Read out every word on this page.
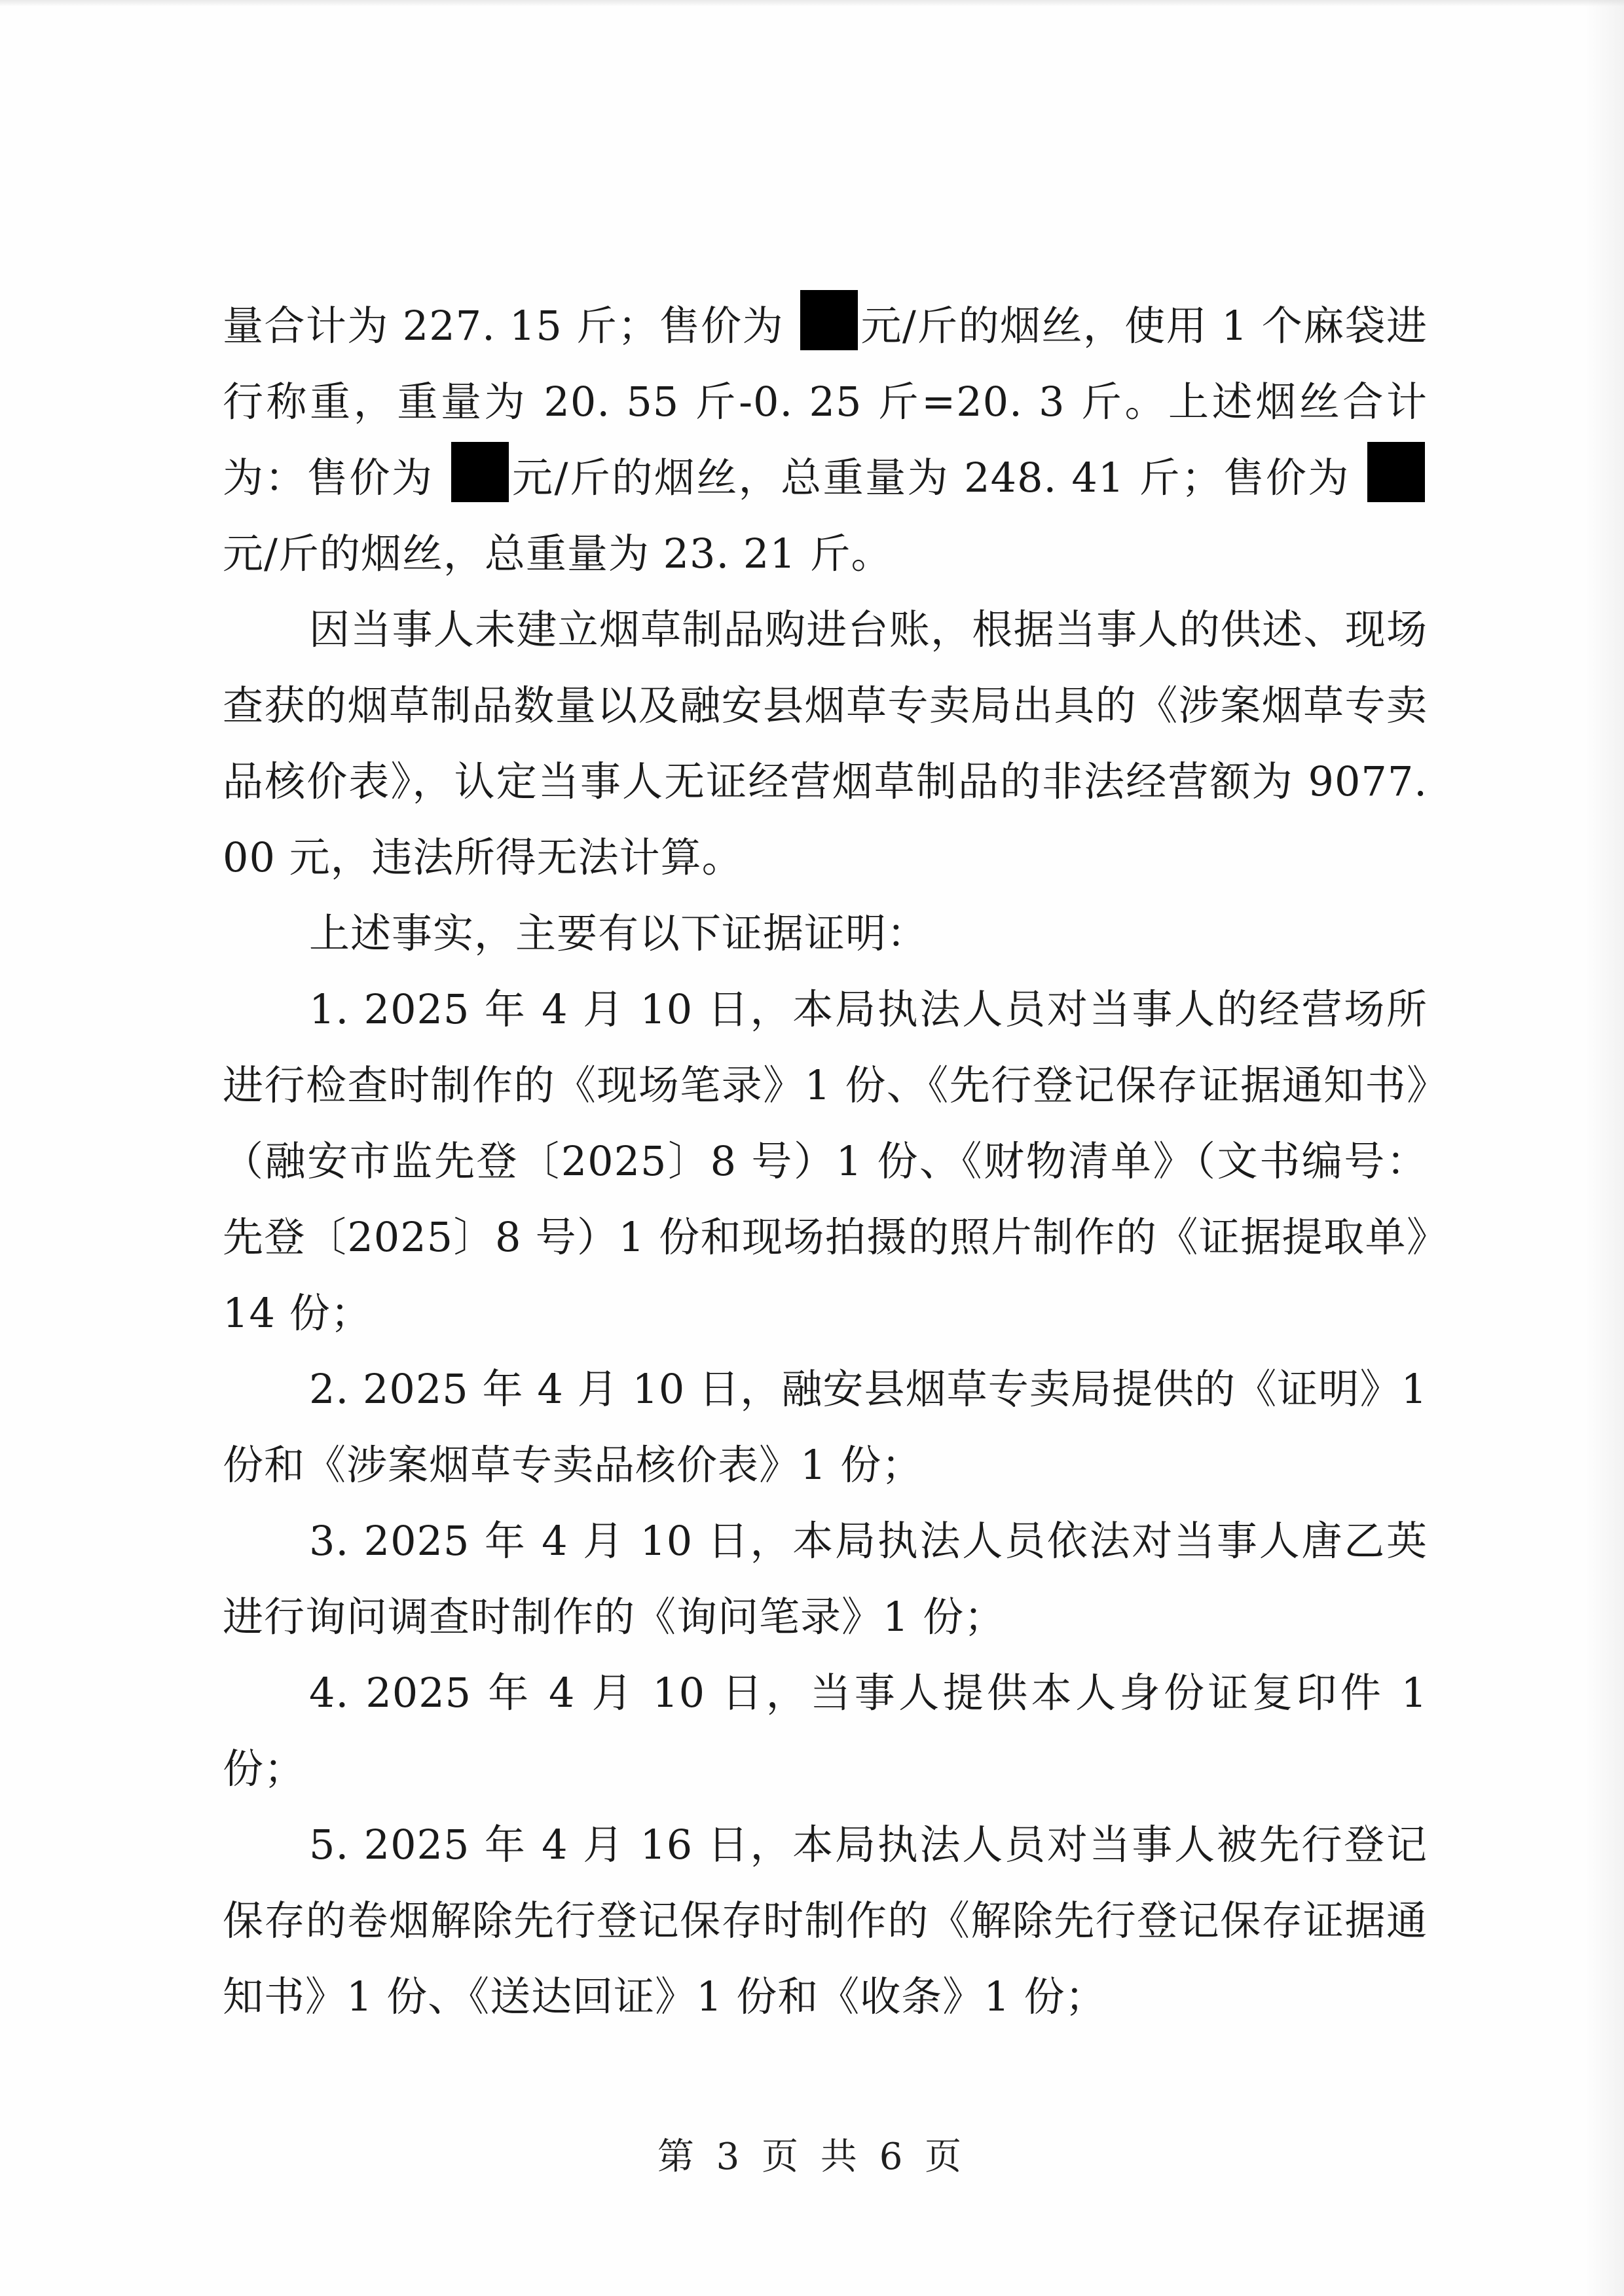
量合计为 227. 15 斤；售价为 元/斤的烟丝，使用 1 个麻袋进行称重，重量为 20. 55 斤-0. 25 斤=20. 3 斤。上述烟丝合计为：售价为 元/斤的烟丝，总重量为 248. 41 斤；售价为 元/斤的烟丝，总重量为 23. 21 斤。

因当事人未建立烟草制品购进台账，根据当事人的供述、现场查获的烟草制品数量以及融安县烟草专卖局出具的《涉案烟草专卖品核价表》，认定当事人无证经营烟草制品的非法经营额为 9077. 00 元，违法所得无法计算。

上述事实，主要有以下证据证明：

1. 2025 年 4 月 10 日，本局执法人员对当事人的经营场所进行检查时制作的《现场笔录》1 份、《先行登记保存证据通知书》（融安市监先登〔2025〕8 号）1 份、《财物清单》（文书编号：先登〔2025〕8 号）1 份和现场拍摄的照片制作的《证据提取单》14 份；

2. 2025 年 4 月 10 日，融安县烟草专卖局提供的《证明》1 份和《涉案烟草专卖品核价表》1 份；

3. 2025 年 4 月 10 日，本局执法人员依法对当事人唐乙英进行询问调查时制作的《询问笔录》1 份；

4. 2025 年 4 月 10 日，当事人提供本人身份证复印件 1 份；

5. 2025 年 4 月 16 日，本局执法人员对当事人被先行登记保存的卷烟解除先行登记保存时制作的《解除先行登记保存证据通知书》1 份、《送达回证》1 份和《收条》1 份；

第 3 页 共 6 页
